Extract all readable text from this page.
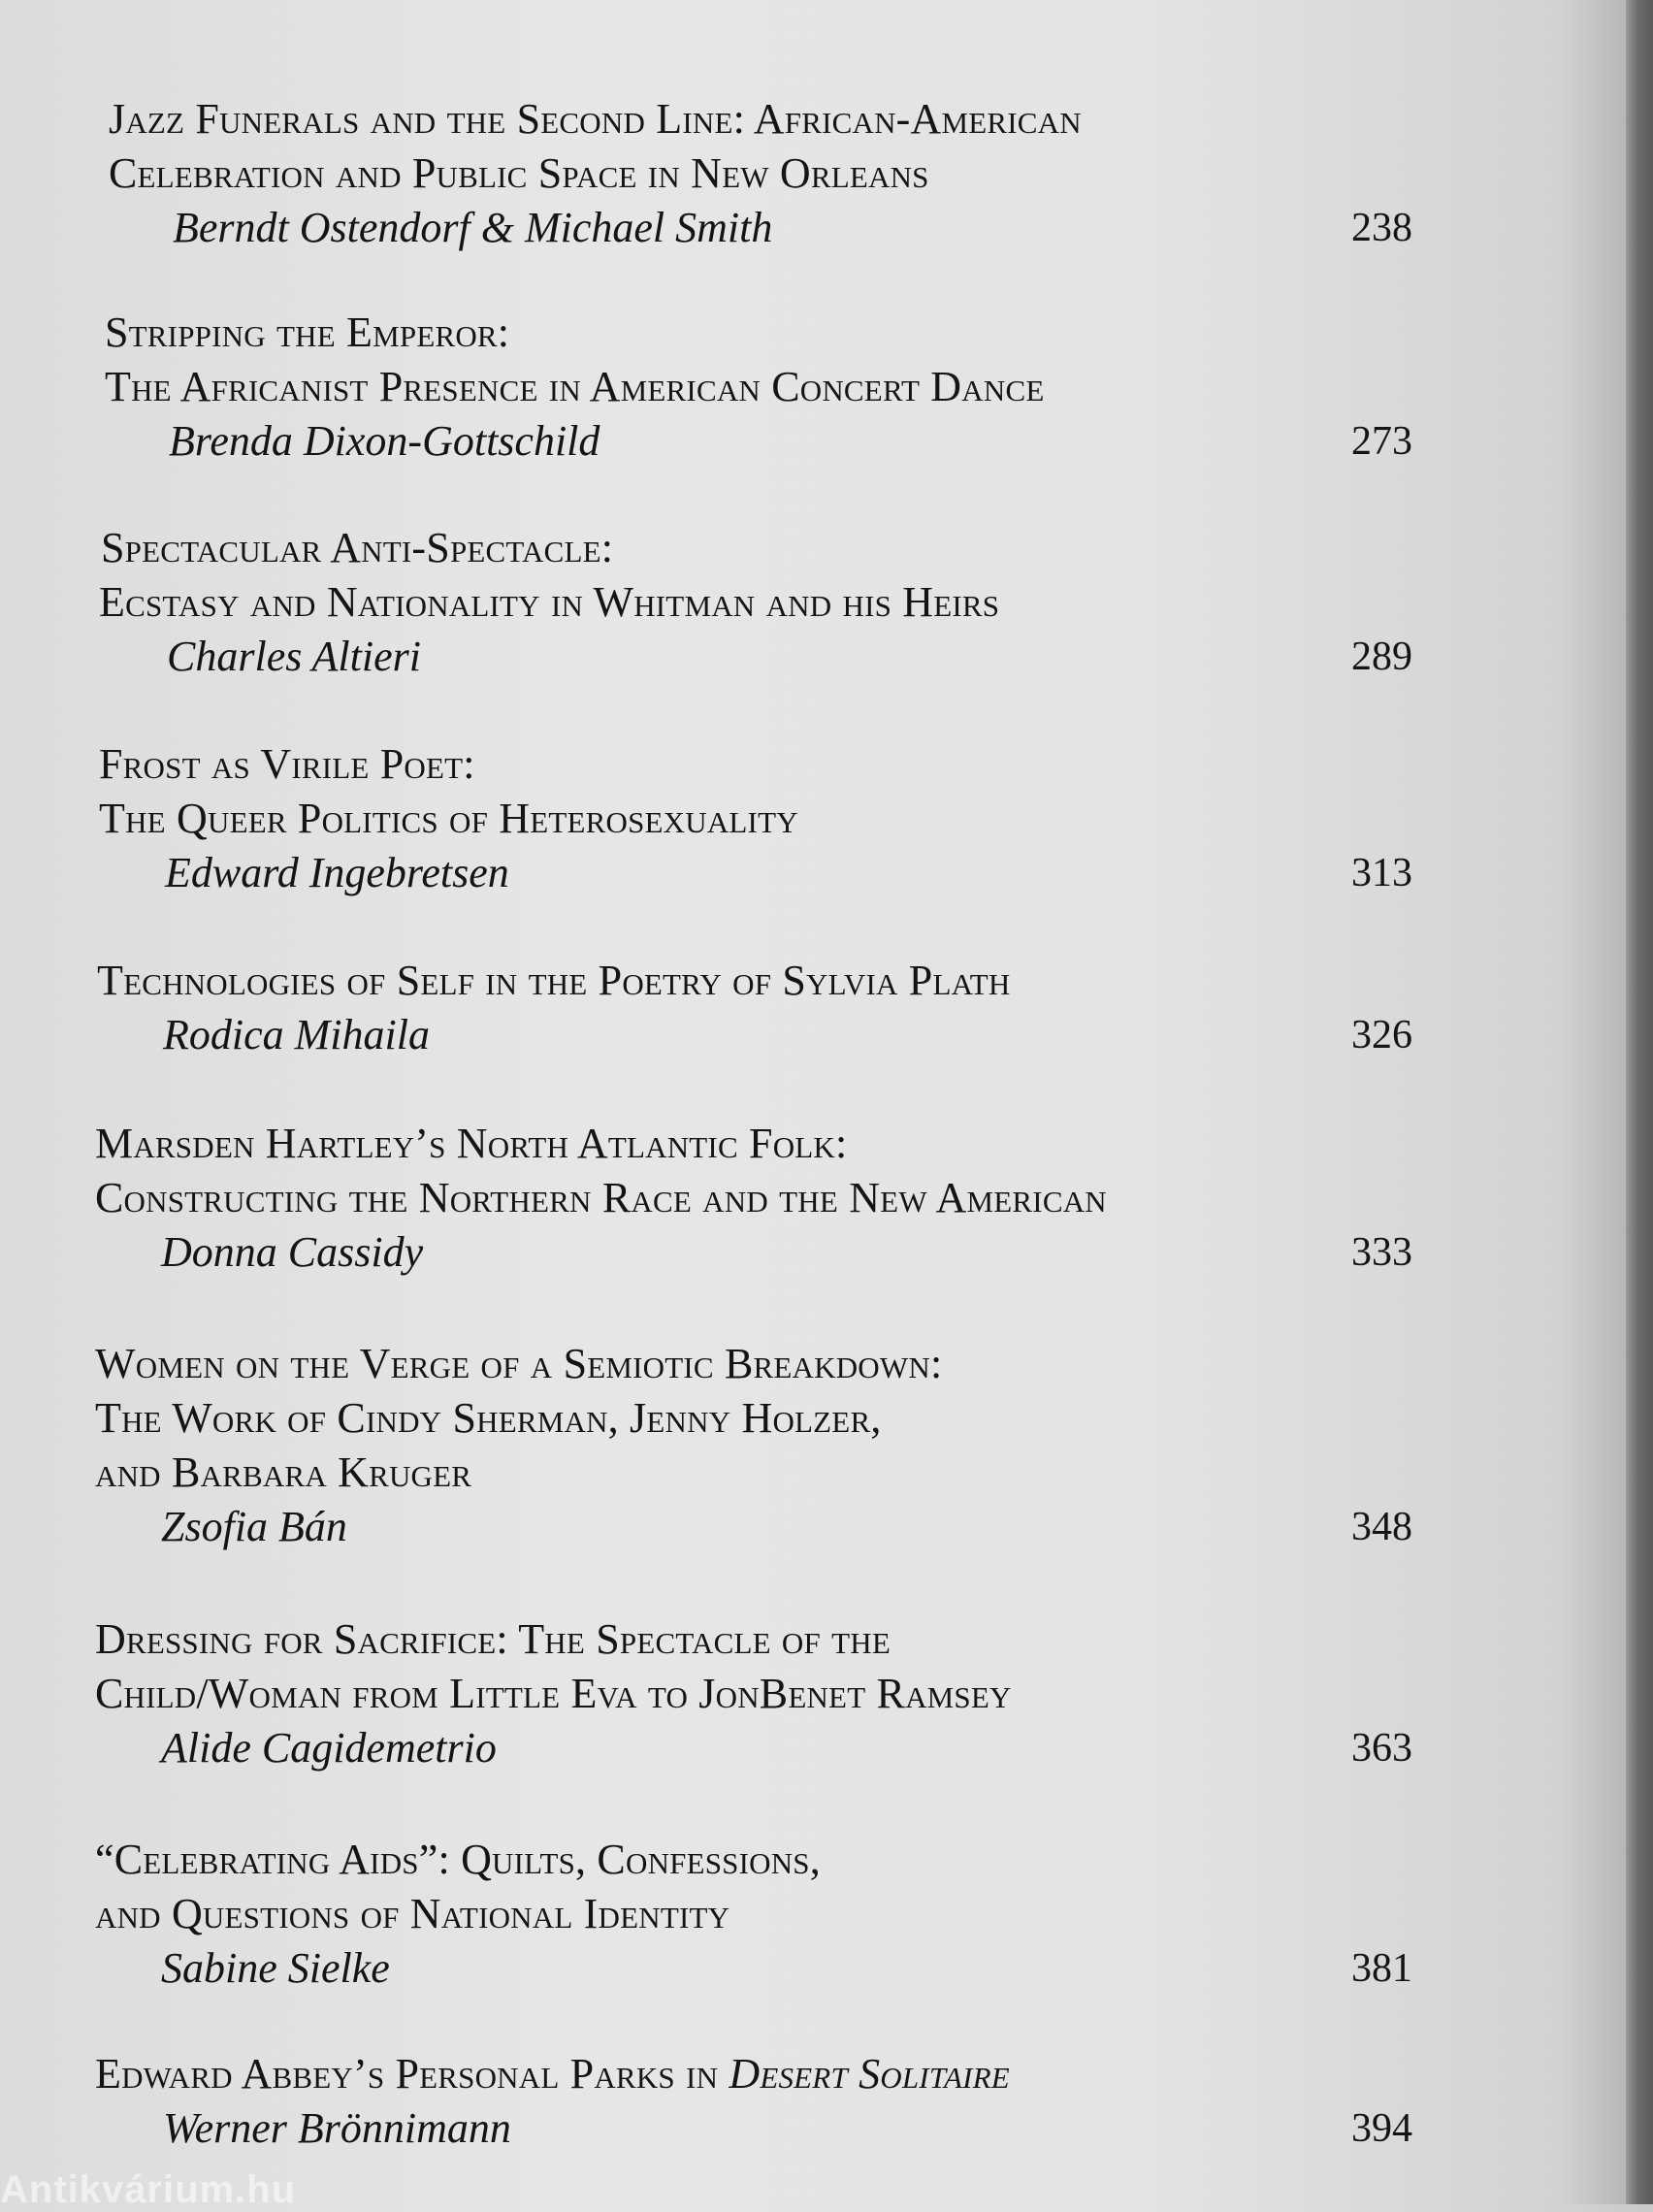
Jazz Funerals and the Second Line: African-American
Celebration and Public Space in New Orleans
Berndt Ostendorf & Michael Smith	238
Stripping the Emperor:
The Africanist Presence in American Concert Dance
Brenda Dixon-Gottschild	273
Spectacular Anti-Spectacle:
Ecstasy and Nationality in Whitman and his Heirs
Charles Altieri	289
Frost as Virile Poet:
The Queer Politics of Heterosexuality
Edward Ingebretsen	313
Technologies of Self in the Poetry of Sylvia Plath
Rodica Mihaila	326
Marsden Hartley’s North Atlantic Folk:
Constructing the Northern Race and the New American
Donna Cassidy	333
Women on the Verge of a Semiotic Breakdown:
The Work of Cindy Sherman, Jenny Holzer,
and Barbara Kruger
Zsofia Bán	348
Dressing for Sacrifice: The Spectacle of the
Child/Woman from Little Eva to JonBenet Ramsey
Alide Cagidemetrio	363
“Celebrating Aids”: Quilts, Confessions,
and Questions of National Identity
Sabine Sielke	381
Edward Abbey’s Personal Parks in Desert Solitaire
Werner Brönnimann	394
Antikvárium.hu
